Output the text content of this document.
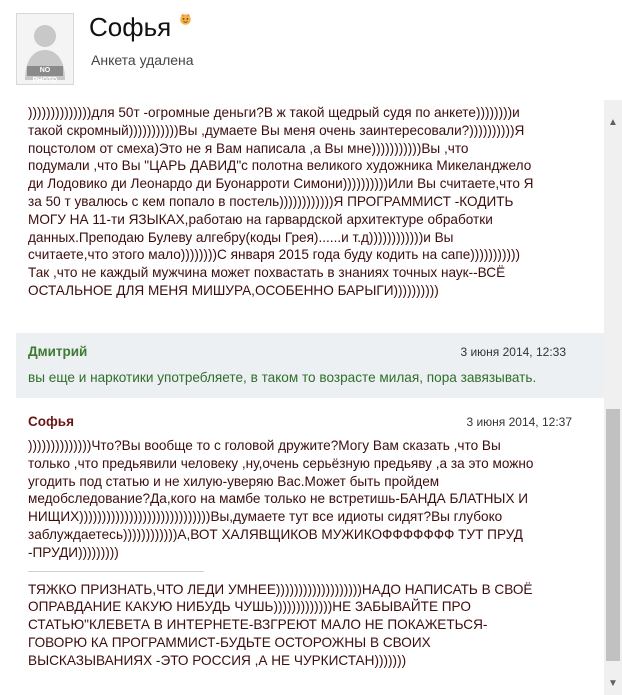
NO PHOTO
Софья
Анкета удалена
))))))))))))))для 50т -огромные деньги?В ж такой щедрый судя по анкете))))))))и
такой скромный)))))))))))Вы ,думаете Вы меня очень заинтересовали?))))))))))Я
поцстолом от смеха)Это не я Вам написала ,а Вы мне)))))))))))Вы ,что
подумали ,что Вы "ЦАРЬ ДАВИД"с полотна великого художника Микеланджело
ди Лодовико ди Леонардо ди Буонарроти Симони))))))))))Или Вы считаете,что Я
за 50 т увалюсь с кем попало в постель))))))))))))Я ПРОГРАММИСТ -КОДИТЬ
МОГУ НА 11-ти ЯЗЫКАХ,работаю на гарвардской архитектуре обработки
данных.Преподаю Булеву алгебру(коды Грея)......и т.д))))))))))))и Вы
считаете,что этого мало))))))))С января 2015 года буду кодить на сапе)))))))))))
Так ,что не каждый мужчина может похвастать в знаниях точных наук--ВСЁ
ОСТАЛЬНОЕ ДЛЯ МЕНЯ МИШУРА,ОСОБЕННО БАРЫГИ))))))))))
Дмитрий	3 июня 2014, 12:33
вы еще и наркотики употребляете, в таком то возрасте милая, пора завязывать.
Софья	3 июня 2014, 12:37
))))))))))))))Что?Вы вообще то с головой дружите?Могу Вам сказать ,что Вы
только ,что предьявили человеку ,ну,очень серьёзную предьяву ,а за это можно
угодить под статью и не хилую-уверяю Вас.Может быть пройдем
медобследование?Да,кого на мамбе только не встретишь-БАНДА БЛАТНЫХ И
НИЩИХ)))))))))))))))))))))))))))))Вы,думаете тут все идиоты сидят?Вы глубоко
заблуждаетесь))))))))))))А,ВОТ ХАЛЯВЩИКОВ МУЖИКОФФФФФФФ ТУТ ПРУД
-ПРУДИ)))))))))
ТЯЖКО ПРИЗНАТЬ,ЧТО ЛЕДИ УМНЕЕ)))))))))))))))))))НАДО НАПИСАТЬ В СВОЁ
ОПРАВДАНИЕ КАКУЮ НИБУДЬ ЧУШЬ)))))))))))))НЕ ЗАБЫВАЙТЕ ПРО
СТАТЬЮ"КЛЕВЕТА В ИНТЕРНЕТЕ-ВЗГРЕЮТ МАЛО НЕ ПОКАЖЕТЬСЯ-
ГОВОРЮ КА ПРОГРАММИСТ-БУДЬТЕ ОСТОРОЖНЫ В СВОИХ
ВЫСКАЗЫВАНИЯХ -ЭТО РОССИЯ ,А НЕ ЧУРКИСТАН)))))))
▲
▼
